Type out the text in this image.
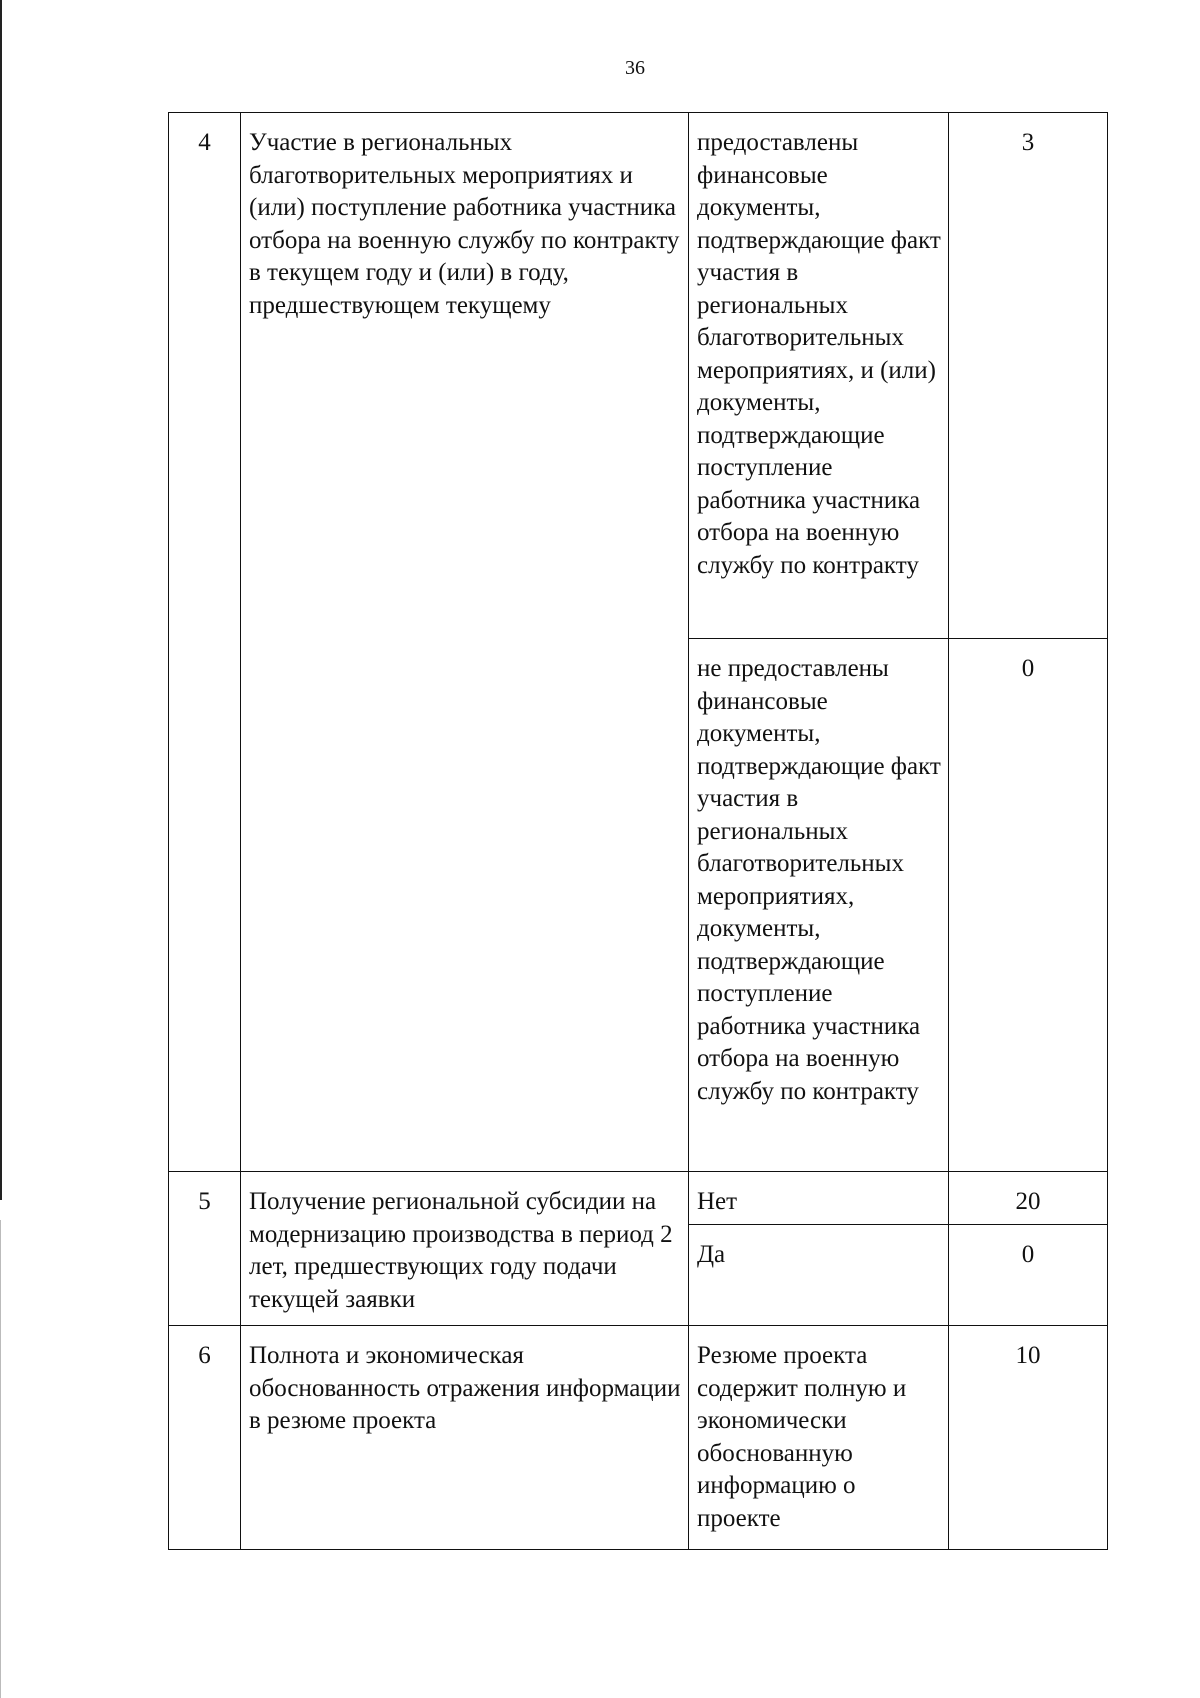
36
4	Участие в региональных благотворительных мероприятиях и (или) поступление работника участника отбора на военную службу по контракту в текущем году и (или) в году, предшествующем текущему	предоставлены финансовые документы, подтверждающие факт участия в региональных благотворительных мероприятиях, и (или) документы, подтверждающие поступление работника участника отбора на военную службу по контракту	3
		не предоставлены финансовые документы, подтверждающие факт участия в региональных благотворительных мероприятиях, документы, подтверждающие поступление работника участника отбора на военную службу по контракту	0
5	Получение региональной субсидии на модернизацию производства в период 2 лет, предшествующих году подачи текущей заявки	Нет	20
		Да	0
6	Полнота и экономическая обоснованность отражения информации в резюме проекта	Резюме проекта содержит полную и экономически обоснованную информацию о проекте	10
